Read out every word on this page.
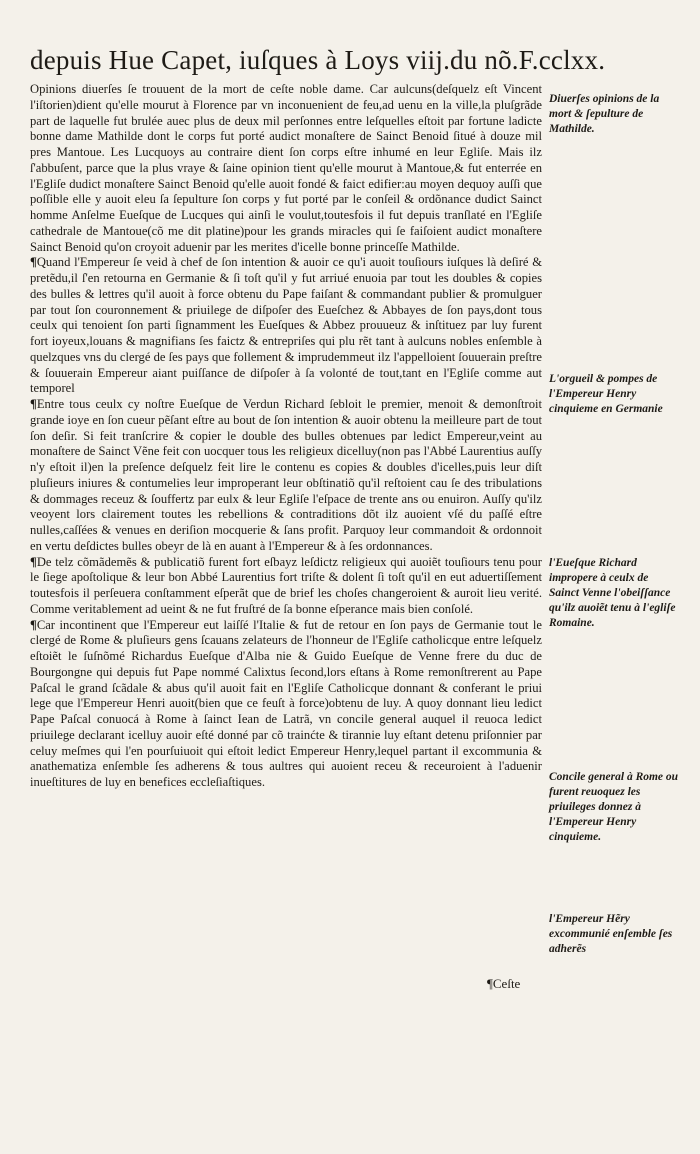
depuis Hue Capet, iuſques à Loys viij.du nõ.F.cclxx.

Opinions diuerſes ſe trouuent de la mort de ceſte noble dame. Car aulcuns(deſquelz eſt Vincent l'iſtorien)dient qu'elle mourut à Florence par vn inconuenient de feu,ad uenu en la ville,la pluſgrãde part de laquelle fut brulée auec plus de deux mil perſonnes entre leſquelles eſtoit par fortune ladicte bonne dame Mathilde dont le corps fut porté audict monaſtere de Sainct Benoid ſitué à douze mil pres Mantoue. Les Lucquoys au contraire dient ſon corps eſtre inhumé en leur Egliſe. Mais ilz ſ'abbuſent, parce que la plus vraye & ſaine opinion tient qu'elle mourut à Mantoue,& fut enterrée en l'Egliſe dudict monaſtere Sainct Benoid qu'elle auoit fondé & faict edifier:au moyen dequoy auſſi que poſſible elle y auoit eleu ſa ſepulture ſon corps y fut porté par le conſeil & ordõnance dudict Sainct homme Anſelme Eueſque de Lucques qui ainſi le voulut,toutesfois il fut depuis tranſlaté en l'Egliſe cathedrale de Mantoue(cõ me dit platine)pour les grands miracles qui ſe faiſoient audict monaſtere Sainct Benoid qu'on croyoit aduenir par les merites d'icelle bonne princeſſe Mathilde.

¶Quand l'Empereur ſe veid à chef de ſon intention & auoir ce qu'i auoit touſiours iuſques là deſiré & pretẽdu,il ſ'en retourna en Germanie & ſi toſt qu'il y fut arriué enuoia par tout les doubles & copies des bulles & lettres qu'il auoit à force obtenu du Pape faiſant & commandant publier & promulguer par tout ſon couronnement & priuilege de diſpoſer des Eueſchez & Abbayes de ſon pays,dont tous ceulx qui tenoient ſon parti ſignamment les Eueſques & Abbez prouueuz & inſtituez par luy furent fort ioyeux,louans & magnifians ſes faictz & entrepriſes qui plu rẽt tant à aulcuns nobles enſemble à quelzques vns du clergé de ſes pays que follement & imprudemmeut ilz l'appelloient ſouuerain preſtre & ſouuerain Empereur aiant puiſſance de diſpoſer à ſa volonté de tout,tant en l'Egliſe comme aut temporel

¶Entre tous ceulx cy noſtre Eueſque de Verdun Richard ſebloit le premier, menoit & demonſtroit grande ioye en ſon cueur pẽſant eſtre au bout de ſon intention & auoir obtenu la meilleure part de tout ſon deſir. Si feit tranſcrire & copier le double des bulles obtenues par ledict Empereur,veint au monaſtere de Sainct Vẽne feit con uocquer tous les religieux dicelluy(non pas l'Abbé Laurentius auſſy n'y eſtoit il)en la preſence deſquelz feit lire le contenu es copies & doubles d'icelles,puis leur diſt pluſieurs iniures & contumelies leur improperant leur obſtinatiõ qu'il reſtoient cau ſe des tribulations & dommages receuz & ſouffertz par eulx & leur Egliſe l'eſpace de trente ans ou enuiron. Auſſy qu'ilz veoyent lors clairement toutes les rebellions & contraditions dõt ilz auoient vſé du paſſé eſtre nulles,caſſées & venues en deriſion mocquerie & ſans profit. Parquoy leur commandoit & ordonnoit en vertu deſdictes bulles obeyr de là en auant à l'Empereur & à ſes ordonnances.

¶De telz cõmãdemẽs & publicatiõ furent fort eſbayz leſdictz religieux qui auoiẽt touſiours tenu pour le ſiege apoſtolique & leur bon Abbé Laurentius fort triſte & dolent ſi toſt qu'il en eut aduertiſſement toutesfois il perſeuera conſtamment eſperãt que de brief les choſes changeroient & auroit lieu verité. Comme veritablement ad ueint & ne fut fruſtré de ſa bonne eſperance mais bien conſolé.

¶Car incontinent que l'Empereur eut laiſſé l'Italie & fut de retour en ſon pays de Germanie tout le clergé de Rome & pluſieurs gens ſcauans zelateurs de l'honneur de l'Egliſe catholicque entre leſquelz eſtoiẽt le ſuſnõmé Richardus Eueſque d'Alba nie & Guido Eueſque de Venne frere du duc de Bourgongne qui depuis fut Pape nommé Calixtus ſecond,lors eſtans à Rome remonſtrerent au Pape Paſcal le grand ſcãdale & abus qu'il auoit fait en l'Egliſe Catholicque donnant & conferant le priui lege que l'Empereur Henri auoit(bien que ce feuſt à force)obtenu de luy. A quoy donnant lieu ledict Pape Paſcal conuocá à Rome à ſainct Iean de Latrã, vn concile general auquel il reuoca ledict priuilege declarant icelluy auoir eſté donné par cõ trainćte & tirannie luy eſtant detenu priſonnier par celuy meſmes qui l'en pourſuiuoit qui eſtoit ledict Empereur Henry,lequel partant il excommunia & anathematiza enſemble ſes adherens & tous aultres qui auoient receu & receuroient à l'aduenir inueſtitures de luy en benefices eccleſiaſtiques.

Diuerſes opinions de la mort & ſepulture de Mathilde.
L'orgueil & pompes de l'Empereur Henry cinquieme en Germanie
l'Eueſque Richard impropere à ceulx de Sainct Venne l'obeiſſance qu'ilz auoiẽt tenu à l'egliſe Romaine.
Concile general à Rome ou furent reuoquez les priuileges donnez à l'Empereur Henry cinquieme.
l'Empereur Hẽry excommunié enſemble ſes adherẽs
¶Ceſte
